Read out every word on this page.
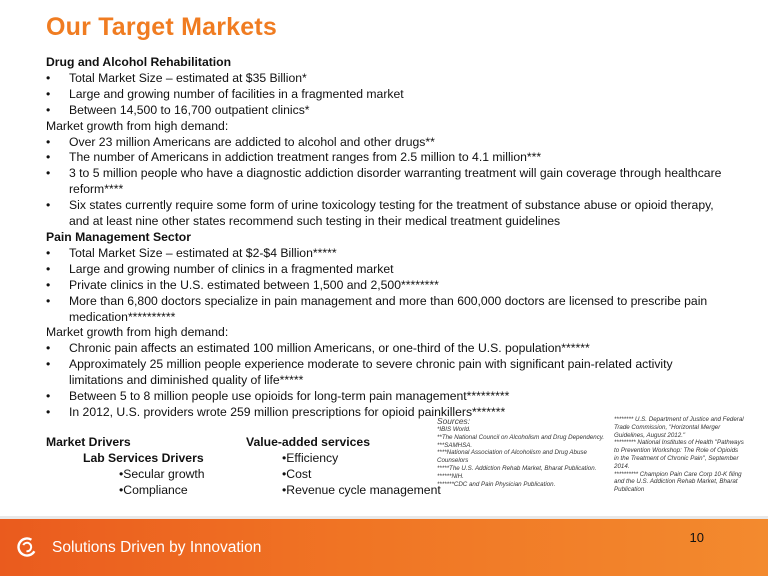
Our Target Markets
Drug and Alcohol Rehabilitation
• Total Market Size – estimated at $35 Billion*
• Large and growing number of facilities in a fragmented market
• Between 14,500 to 16,700 outpatient clinics*
Market growth from high demand:
• Over 23 million Americans are addicted to alcohol and other drugs**
• The number of Americans in addiction treatment ranges from 2.5 million to 4.1 million***
• 3 to 5 million people who have a diagnostic addiction disorder warranting treatment will gain coverage through healthcare reform****
• Six states currently require some form of urine toxicology testing for the treatment of substance abuse or opioid therapy, and at least nine other states recommend such testing in their medical treatment guidelines
Pain Management Sector
• Total Market Size – estimated at $2-$4 Billion*****
• Large and growing number of clinics in a fragmented market
• Private clinics in the U.S. estimated between 1,500 and 2,500********
• More than 6,800 doctors specialize in pain management and more than 600,000 doctors are licensed to prescribe pain medication**********
Market growth from high demand:
• Chronic pain affects an estimated 100 million Americans, or one-third of the U.S. population******
• Approximately 25 million people experience moderate to severe chronic pain with significant pain-related activity limitations and diminished quality of life*****
• Between 5 to 8 million people use opioids for long-term pain management*********
• In 2012, U.S. providers wrote 259 million prescriptions for opioid painkillers*******
Market Drivers
Lab Services Drivers
•Secular growth
•Compliance
Value-added services
•Efficiency
•Cost
•Revenue cycle management
Sources:
*IBIS World.
**The National Council on Alcoholism and Drug Dependency.
***SAMHSA.
****National Association of Alcoholism and Drug Abuse Counselors
*****The U.S. Addiction Rehab Market, Bharat Publication.
******NIH.
*******CDC and Pain Physician Publication.
******** U.S. Department of Justice and Federal Trade Commission, "Horizontal Merger Guidelines, August 2012."
********* National Institutes of Health "Pathways to Prevention Workshop: The Role of Opioids in the Treatment of Chronic Pain", September 2014.
********** Champion Pain Care Corp 10-K filing and the U.S. Addiction Rehab Market, Bharat Publication
10
Solutions Driven by Innovation
